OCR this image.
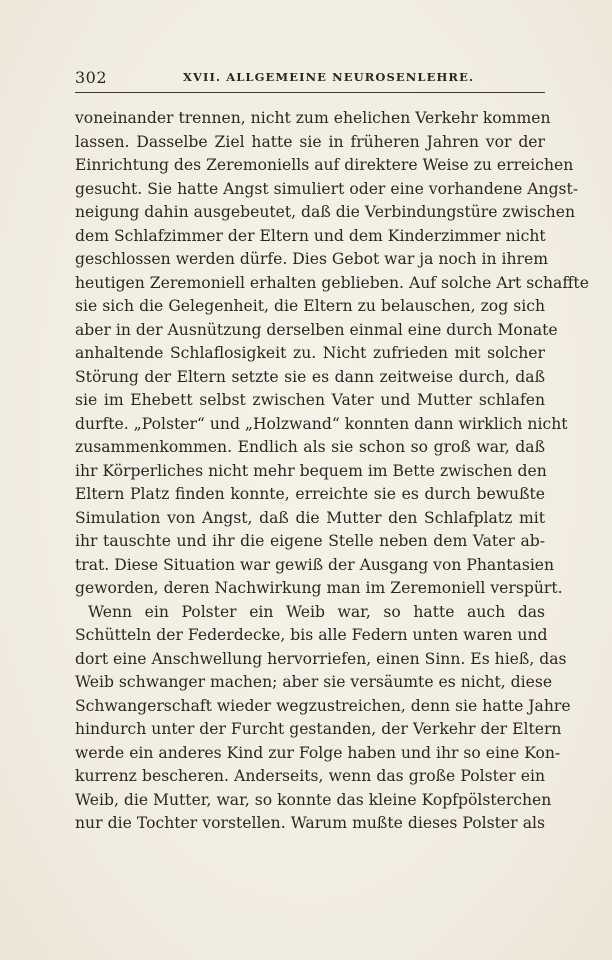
302	XVII. ALLGEMEINE NEUROSENLEHRE.
voneinander trennen, nicht zum ehelichen Verkehr kommen
lassen. Dasselbe Ziel hatte sie in früheren Jahren vor der
Einrichtung des Zeremoniells auf direktere Weise zu erreichen
gesucht. Sie hatte Angst simuliert oder eine vorhandene Angst-
neigung dahin ausgebeutet, daß die Verbindungstüre zwischen
dem Schlafzimmer der Eltern und dem Kinderzimmer nicht
geschlossen werden dürfe. Dies Gebot war ja noch in ihrem
heutigen Zeremoniell erhalten geblieben. Auf solche Art schaffte
sie sich die Gelegenheit, die Eltern zu belauschen, zog sich
aber in der Ausnützung derselben einmal eine durch Monate
anhaltende Schlaflosigkeit zu. Nicht zufrieden mit solcher
Störung der Eltern setzte sie es dann zeitweise durch, daß
sie im Ehebett selbst zwischen Vater und Mutter schlafen
durfte. „Polster“ und „Holzwand“ konnten dann wirklich nicht
zusammenkommen. Endlich als sie schon so groß war, daß
ihr Körperliches nicht mehr bequem im Bette zwischen den
Eltern Platz finden konnte, erreichte sie es durch bewußte
Simulation von Angst, daß die Mutter den Schlafplatz mit
ihr tauschte und ihr die eigene Stelle neben dem Vater ab-
trat. Diese Situation war gewiß der Ausgang von Phantasien
geworden, deren Nachwirkung man im Zeremoniell verspürt.
Wenn ein Polster ein Weib war, so hatte auch das
Schütteln der Federdecke, bis alle Federn unten waren und
dort eine Anschwellung hervorriefen, einen Sinn. Es hieß, das
Weib schwanger machen; aber sie versäumte es nicht, diese
Schwangerschaft wieder wegzustreichen, denn sie hatte Jahre
hindurch unter der Furcht gestanden, der Verkehr der Eltern
werde ein anderes Kind zur Folge haben und ihr so eine Kon-
kurrenz bescheren. Anderseits, wenn das große Polster ein
Weib, die Mutter, war, so konnte das kleine Kopfpölsterchen
nur die Tochter vorstellen. Warum mußte dieses Polster als
